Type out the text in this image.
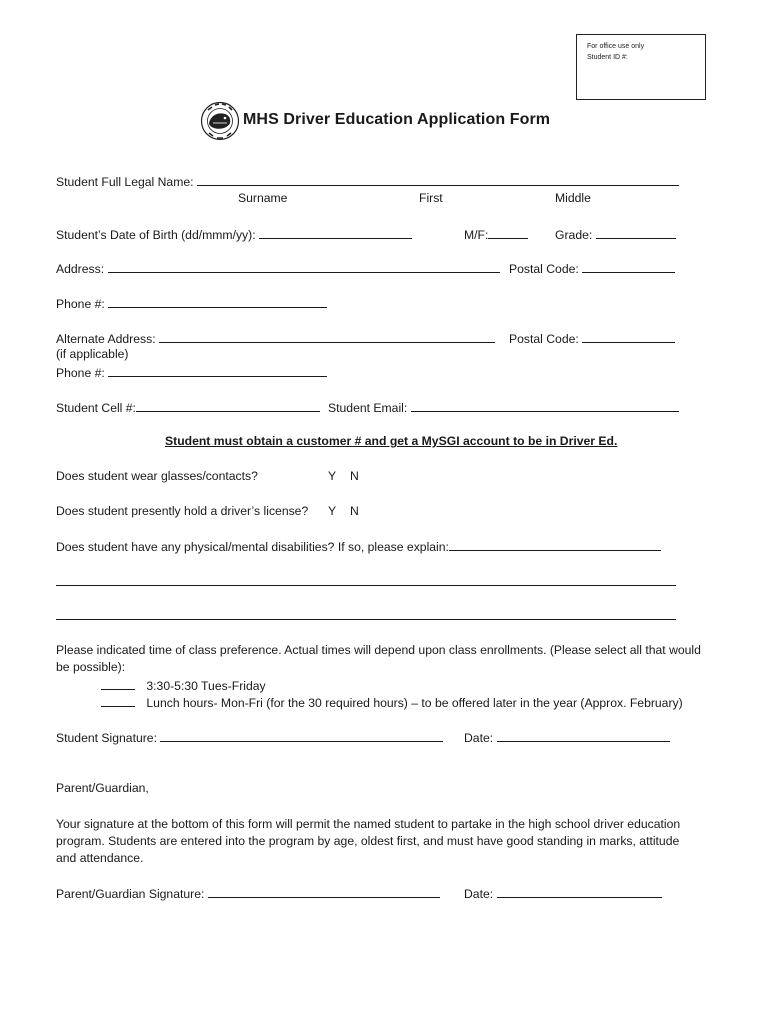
For office use only
Student ID #:
MHS Driver Education Application Form
Student Full Legal Name:
Surname	First	Middle
Student’s Date of Birth (dd/mmm/yy):	M/F:	Grade:
Address:	Postal Code:
Phone #:
Alternate Address:	Postal Code:
(if applicable)
Phone #:
Student Cell #:	Student Email:
Student must obtain a customer # and get a MySGI account to be in Driver Ed.
Does student wear glasses/contacts?	Y N
Does student presently hold a driver’s license? Y N
Does student have any physical/mental disabilities? If so, please explain:
Please indicated time of class preference. Actual times will depend upon class enrollments. (Please select all that would be possible):
3:30-5:30 Tues-Friday
Lunch hours- Mon-Fri (for the 30 required hours) – to be offered later in the year (Approx. February)
Student Signature:	Date:
Parent/Guardian,
Your signature at the bottom of this form will permit the named student to partake in the high school driver education program. Students are entered into the program by age, oldest first, and must have good standing in marks, attitude and attendance.
Parent/Guardian Signature:	Date:
